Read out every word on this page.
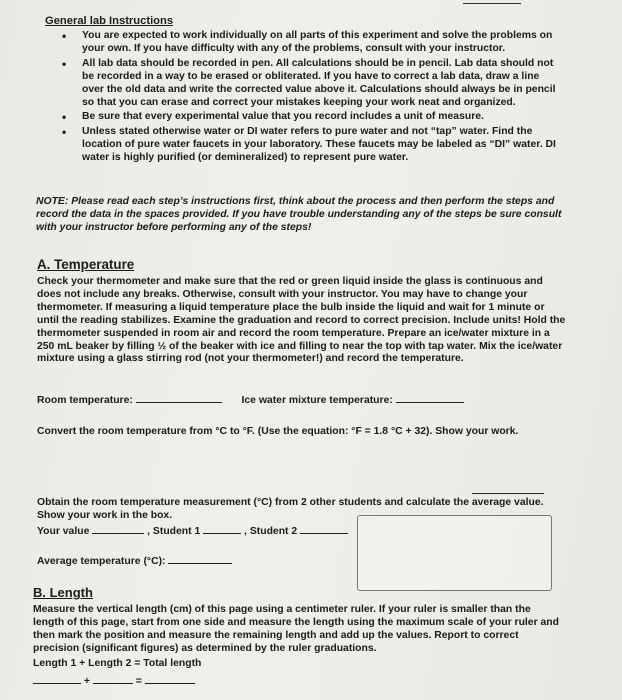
General lab Instructions
• You are expected to work individually on all parts of this experiment and solve the problems on your own. If you have difficulty with any of the problems, consult with your instructor.
• All lab data should be recorded in pen. All calculations should be in pencil. Lab data should not be recorded in a way to be erased or obliterated. If you have to correct a lab data, draw a line over the old data and write the corrected value above it. Calculations should always be in pencil so that you can erase and correct your mistakes keeping your work neat and organized.
• Be sure that every experimental value that you record includes a unit of measure.
• Unless stated otherwise water or DI water refers to pure water and not “tap” water. Find the location of pure water faucets in your laboratory. These faucets may be labeled as “DI” water. DI water is highly purified (or demineralized) to represent pure water.
NOTE: Please read each step’s instructions first, think about the process and then perform the steps and record the data in the spaces provided. If you have trouble understanding any of the steps be sure consult with your instructor before performing any of the steps!
A. Temperature
Check your thermometer and make sure that the red or green liquid inside the glass is continuous and does not include any breaks. Otherwise, consult with your instructor. You may have to change your thermometer. If measuring a liquid temperature place the bulb inside the liquid and wait for 1 minute or until the reading stabilizes. Examine the graduation and record to correct precision. Include units! Hold the thermometer suspended in room air and record the room temperature. Prepare an ice/water mixture in a 250 mL beaker by filling ½ of the beaker with ice and filling to near the top with tap water. Mix the ice/water mixture using a glass stirring rod (not your thermometer!) and record the temperature.
Room temperature:	Ice water mixture temperature:
Convert the room temperature from °C to °F. (Use the equation: °F = 1.8 °C + 32). Show your work.
Obtain the room temperature measurement (°C) from 2 other students and calculate the average value. Show your work in the box.
Your value	, Student 1	, Student 2
Average temperature (°C):
B. Length
Measure the vertical length (cm) of this page using a centimeter ruler. If your ruler is smaller than the length of this page, start from one side and measure the length using the maximum scale of your ruler and then mark the position and measure the remaining length and add up the values. Report to correct precision (significant figures) as determined by the ruler graduations.
Length 1 + Length 2 = Total length
+	=
